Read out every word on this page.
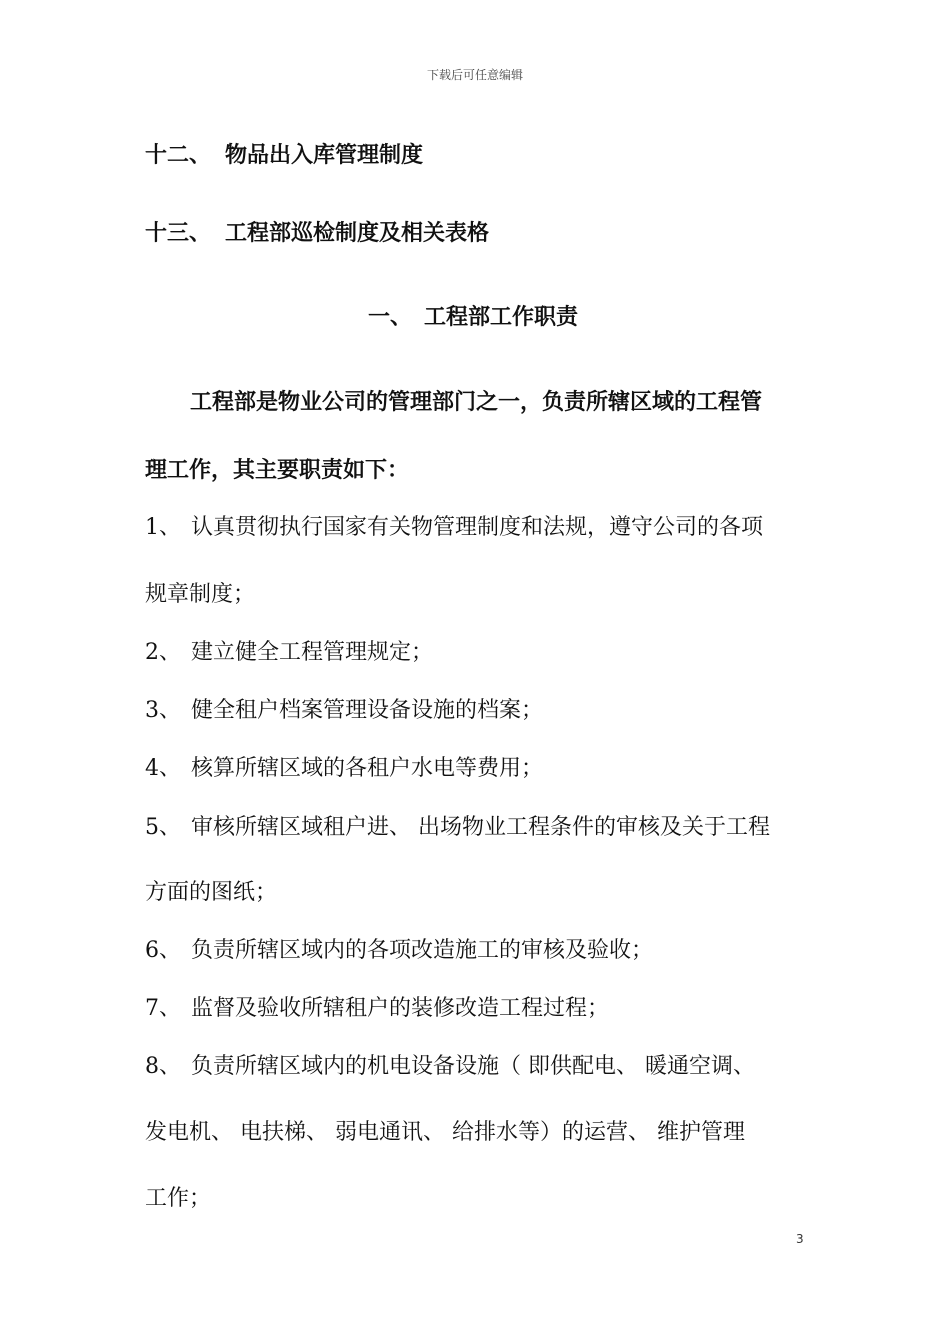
下载后可任意编辑
十二、 物品出入库管理制度
十三、 工程部巡检制度及相关表格
一、 工程部工作职责
工程部是物业公司的管理部门之一，负责所辖区域的工程管
理工作，其主要职责如下：
1、 认真贯彻执行国家有关物管理制度和法规，遵守公司的各项
规章制度；
2、 建立健全工程管理规定；
3、 健全租户档案管理设备设施的档案；
4、 核算所辖区域的各租户水电等费用；
5、 审核所辖区域租户进、 出场物业工程条件的审核及关于工程
方面的图纸；
6、 负责所辖区域内的各项改造施工的审核及验收；
7、 监督及验收所辖租户的装修改造工程过程；
8、 负责所辖区域内的机电设备设施（ 即供配电、 暖通空调、
发电机、 电扶梯、 弱电通讯、 给排水等）的运营、 维护管理
工作；
3
